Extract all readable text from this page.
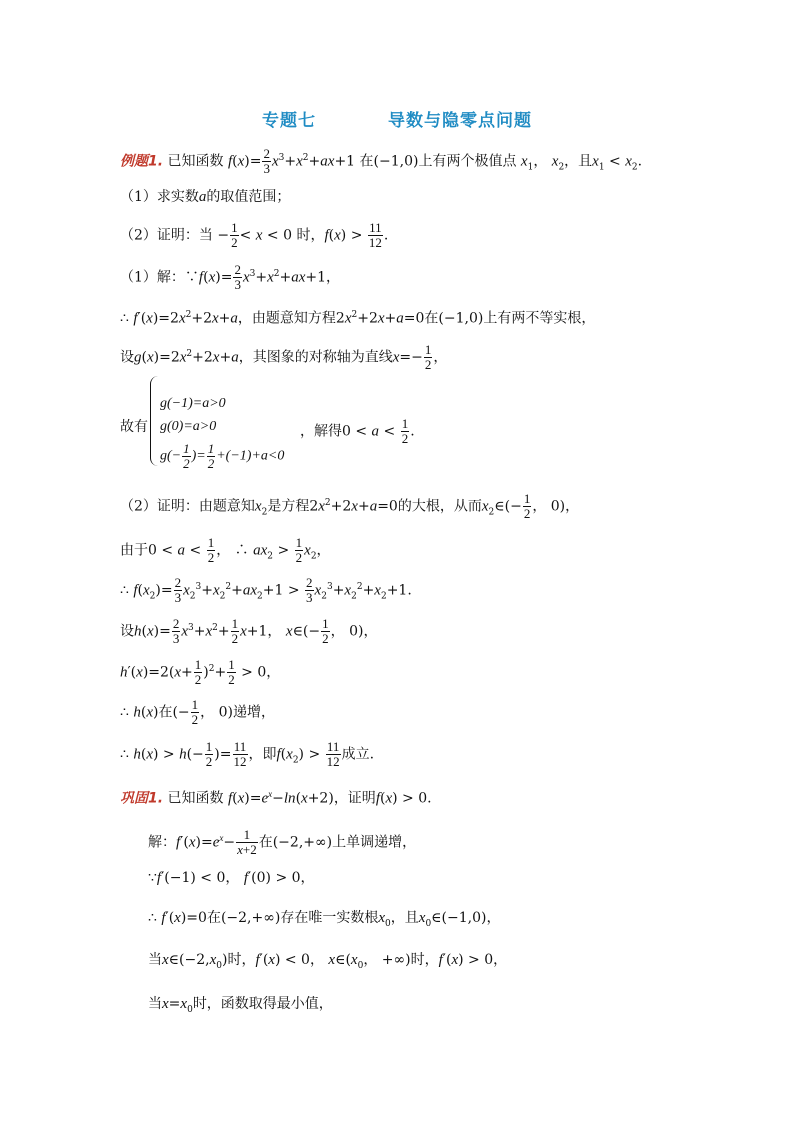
专题七	导数与隐零点问题
例题1. 已知函数 $f(x)= \frac{2}{3} x^3+x^2+ax+1$ 在(−1,0)上有两个极值点 $x_1$， $x_2$，且$x_1 < x_2$.
（1）求实数a的取值范围；
（2）证明：当 − $\frac{1}{2} < x < 0$ 时，$f(x) > \frac{11}{12}$ .
（1）解：∵f(x)= $\frac{2}{3} x^3+x^2+ax+1$，
∴ $f'(x)=2x^2+2x+a$，由题意知方程$2x^2+2x+a=0$在(−1,0)上有两不等实根，
设$g(x)=2x^2+2x+a$，其图象的对称轴为直线$x=- \frac{1}{2}$ ，
故有
g(−1)=a>0
g(0)=a>0
$g(- \frac{1}{2}$ )= $\frac{1}{2} +(-1)+a<0$
，解得$0 < a < \frac{1}{2}$ .
（2）证明：由题意知$x_2$是方程$2x^2+2x+a=0$的大根，从而$x_2\in(- \frac{1}{2}$ ， 0)，
由于$0 < a < \frac{1}{2}$ ， ∴ $ax_2 > \frac{1}{2} x_2$，
∴ $f(x_2)= \frac{2}{3} x_2^3+x_2^2+ax_2+1 > \frac{2}{3} x_2^3+x_2^2+x_2+1$.
设$h(x)= \frac{2}{3} x^3+x^2+ \frac{1}{2} x+1$， x∈(− $\frac{1}{2}$ ， 0)，
$h'(x)=2(x+ \frac{1}{2} )^2+ \frac{1}{2} > 0$，
∴ h(x)在(− $\frac{1}{2}$ ， 0)递增，
∴ $h(x) > h(- \frac{1}{2}$ )= $\frac{11}{12}$ ，即$f(x_2) > \frac{11}{12}$ 成立.
巩固1. 已知函数 $f(x)=e^x-\ln(x+2)$，证明f(x) > 0.
解：$f'(x)=e^x- \frac{1}{x+2}$ 在(−2,+∞)上单调递增，
∵f′(−1) < 0， f′(0) > 0，
∴ f′(x)=0在(−2,+∞)存在唯一实数根$x_0$，且$x_0\in(-1,0)$，
当$x\in(-2,x_0)$时，f′(x) < 0， $x\in(x_0$， +∞)时，f′(x) > 0，
当$x=x_0$时，函数取得最小值，
